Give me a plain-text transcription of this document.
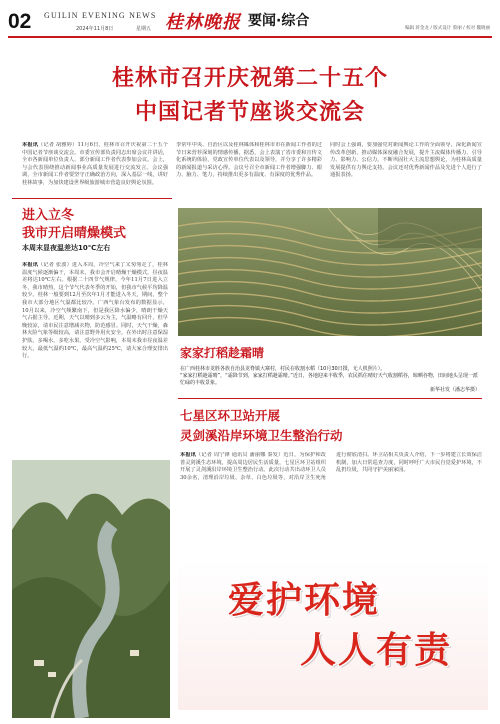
02 GUILIN EVENING NEWS
2024年11月8日	星期五 桂林晚报 要闻·综合	编辑 蒋金龙 / 版式设计 蔡丽 / 校对 魏晓丽
桂林市召开庆祝第二十五个
中国记者节座谈交流会
本报讯（记者 胡雅婷）11月6日，桂林市召开庆祝第二十五个中国记者节座谈交流会。市委宣传部负责同志出席会议并讲话，全市各新闻单位负责人、部分新闻工作者代表参加会议。会上，与会代表围绕推动新闻事业高质量发展进行交流发言。会议强调，全市新闻工作者要坚守正确政治方向，深入基层一线，讲好桂林故事，为加快建设世界级旅游城市营造良好舆论氛围。
李常年中央、自治区以及桂林媒体和桂林市市在新闻工作者的过节日来营荐深刻的情感传播，据悉，会上表演了省市委和宣传文化系统的体验，党政宣传单位代表以及领导，并分享了许多精彩的新闻报道与采访心得。会议号召全市新闻工作者增强脚力、眼力、脑力、笔力，持续推出更多有温度、有深度的优秀作品。
同时会上强调，要加强党对新闻舆论工作的全面领导，深化新闻宣传改革创新，推动媒体深度融合发展，提升主流媒体传播力、引导力、影响力、公信力，不断巩固壮大主流思想舆论，为桂林高质量发展提供有力舆论支持。会议还对优秀新闻作品及先进个人进行了通报表扬。
进入立冬
我市开启晴燥模式
本周末显夜温差达10℃左右
本报讯（记者 张波）进入本周，冷空气来了又匆匆走了，桂林温度气候逐渐偏干，本周末，我市会开启晴燥干燥模式，昼夜温差将达10℃左右。根据二十四节气规律，今年11月7日进入立冬，我市晴热，这个节气代表冬季的开始，但我市气候平均降温较少。桂林一般要到12月至次年1月才能进入冬天，期间，整个我市大部分地区气温都比较冷。广西气象台发布的数据显示，10月以来，冷空气频繁南下，但是我区降水偏少，晴朗干燥天气占据主导。近期，天气以晴到多云为主，气温略有回升，但早晚较凉，请市民注意增减衣物，防范感冒。同时，天气干燥，森林火险气象等级较高，请注意野外用火安全，在外出时注意保湿护肤，多喝水，多吃水果。受冷空气影响，本周末我市昼夜温差较大，最低气温约10℃，最高气温约25℃，请大家合理安排出行。	家家打稻趁霜晴
在广西桂林市龙胜各族自治县龙脊镇大寨村，村民在收割水稻（10月30日摄，无人机照片）。
“家家打稻趁霜晴”，“霜降节到，家家打稻趁霜晴。”近日，各地迎来丰收季，农民抓住晴好天气收割稻谷，晾晒谷物，田间地头呈现一派忙碌的丰收景象。
新华社发（潘志华摄）
七星区环卫站开展
灵剑溪沿岸环境卫生整治行动
本报讯（记者 周宁锋 通讯员 潘丽娜 秦发）近日，为保护和改善灵剑溪生态环境，提高周边居民生活质量，七星区环卫站组织开展了灵剑溪沿岸环境卫生整治行动。此次行动共出动环卫人员30余名，清理沿岸垃圾、杂草、白色垃圾等，对沿岸卫生死角进行彻底清扫。环卫站相关负责人介绍，下一步将建立长效保洁机制，加大日常巡查力度，同时呼吁广大市民自觉爱护环境，不乱扔垃圾，共同守护美丽家园。
爱护环境
人人有责
